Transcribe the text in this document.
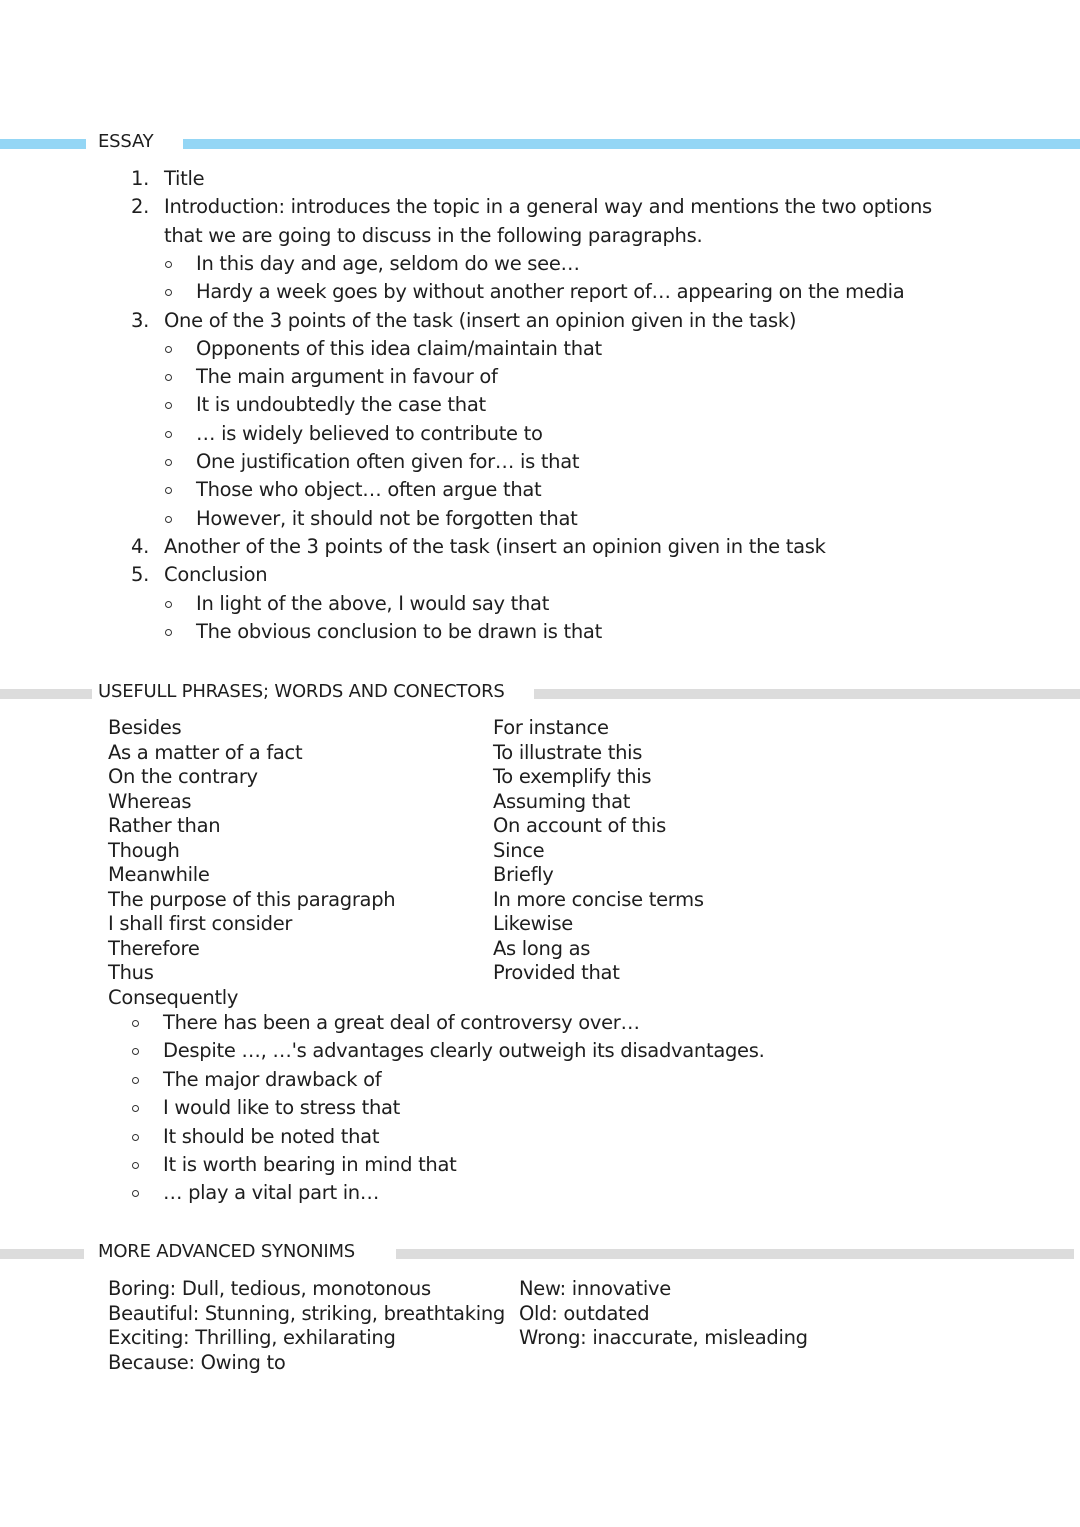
ESSAY
1. Title
2. Introduction: introduces the topic in a general way and mentions the two options
that we are going to discuss in the following paragraphs.
In this day and age, seldom do we see…
Hardy a week goes by without another report of… appearing on the media
3. One of the 3 points of the task (insert an opinion given in the task)
Opponents of this idea claim/maintain that
The main argument in favour of
It is undoubtedly the case that
… is widely believed to contribute to
One justification often given for… is that
Those who object… often argue that
However, it should not be forgotten that
4. Another of the 3 points of the task (insert an opinion given in the task
5. Conclusion
In light of the above, I would say that
The obvious conclusion to be drawn is that
USEFULL PHRASES; WORDS AND CONECTORS
Besides
As a matter of a fact
On the contrary
Whereas
Rather than
Though
Meanwhile
The purpose of this paragraph
I shall first consider
Therefore
Thus
Consequently
For instance
To illustrate this
To exemplify this
Assuming that
On account of this
Since
Briefly
In more concise terms
Likewise
As long as
Provided that
There has been a great deal of controversy over…
Despite …, …'s advantages clearly outweigh its disadvantages.
The major drawback of
I would like to stress that
It should be noted that
It is worth bearing in mind that
… play a vital part in…
MORE ADVANCED SYNONIMS
Boring: Dull, tedious, monotonous
Beautiful: Stunning, striking, breathtaking
Exciting: Thrilling, exhilarating
Because: Owing to
New: innovative
Old: outdated
Wrong: inaccurate, misleading
